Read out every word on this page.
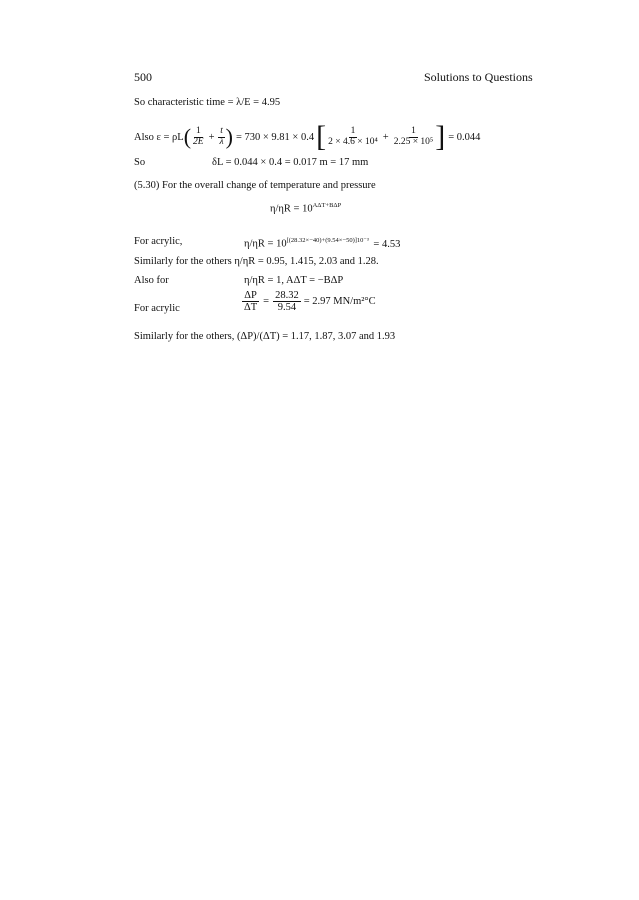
500	Solutions to Questions
So characteristic time = λ/E = 4.95
Also ε = ρL ( $\frac{1}{2E} + \frac{t}{\lambda}$ ) = 730 × 9.81 × 0.4 [ $\frac{1}{\text{2 × 4.6 × 10⁴}} + \frac{1}{\text{2.25 × 10⁵}}$ ] = 0.044
So	δL = 0.044 × 0.4 = 0.017 m = 17 mm
(5.30) For the overall change of temperature and pressure
$\eta/\eta R = 10^{A\Delta T+B\Delta P}$
For acrylic,	$\eta/\eta R = 10^{[(28.32\times-40)+(9.54\times-50)]10^{-3}} = 4.53$
Similarly for the others η/ηR = 0.95, 1.415, 2.03 and 1.28.
Also for	η/ηR = 1, AΔT = −BΔP
For acrylic	$\frac{\Delta P}{\Delta T} = \frac{28.32}{9.54} = 2.97$ MN/m²°C
Similarly for the others, (ΔP)/(ΔT) = 1.17, 1.87, 3.07 and 1.93
